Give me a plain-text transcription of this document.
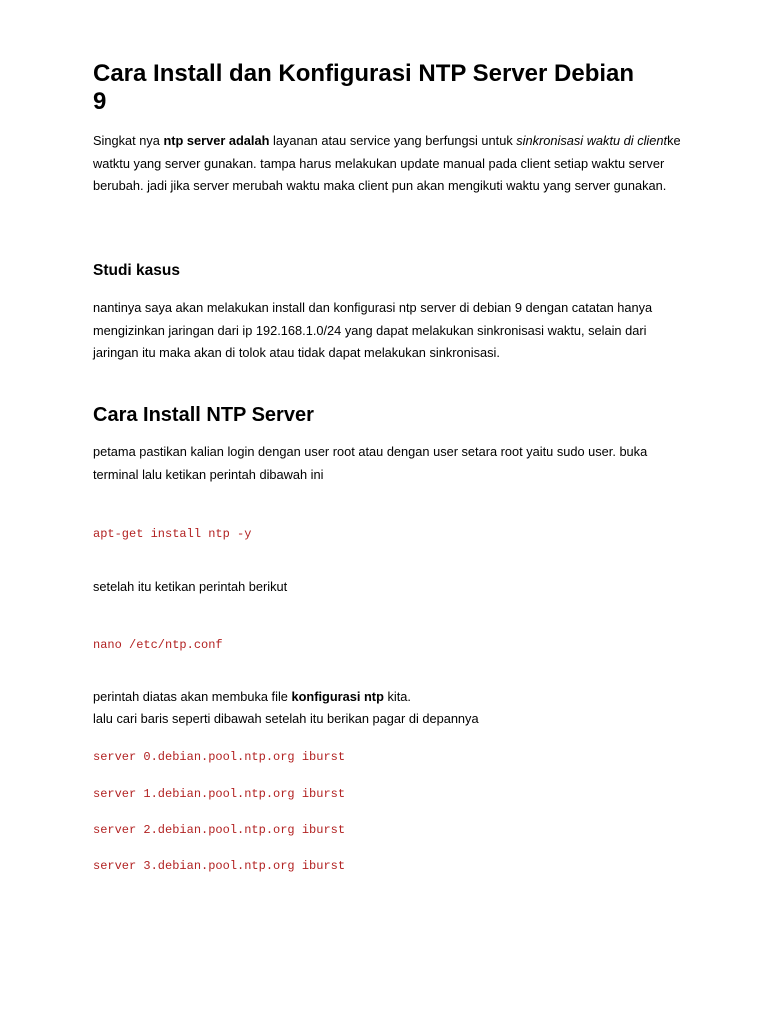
Cara Install dan Konfigurasi NTP Server Debian 9

Singkat nya ntp server adalah layanan atau service yang berfungsi untuk sinkronisasi waktu di clientke watktu yang server gunakan. tampa harus melakukan update manual pada client setiap waktu server berubah. jadi jika server merubah waktu maka client pun akan mengikuti waktu yang server gunakan.

Studi kasus

nantinya saya akan melakukan install dan konfigurasi ntp server di debian 9 dengan catatan hanya mengizinkan jaringan dari ip 192.168.1.0/24 yang dapat melakukan sinkronisasi waktu, selain dari jaringan itu maka akan di tolok atau tidak dapat melakukan sinkronisasi.

Cara Install NTP Server

petama pastikan kalian login dengan user root atau dengan user setara root yaitu sudo user. buka terminal lalu ketikan perintah dibawah ini

apt-get install ntp -y

setelah itu ketikan perintah berikut

nano /etc/ntp.conf

perintah diatas akan membuka file konfigurasi ntp kita.

lalu cari baris seperti dibawah setelah itu berikan pagar di depannya

server 0.debian.pool.ntp.org iburst
server 1.debian.pool.ntp.org iburst
server 2.debian.pool.ntp.org iburst
server 3.debian.pool.ntp.org iburst
